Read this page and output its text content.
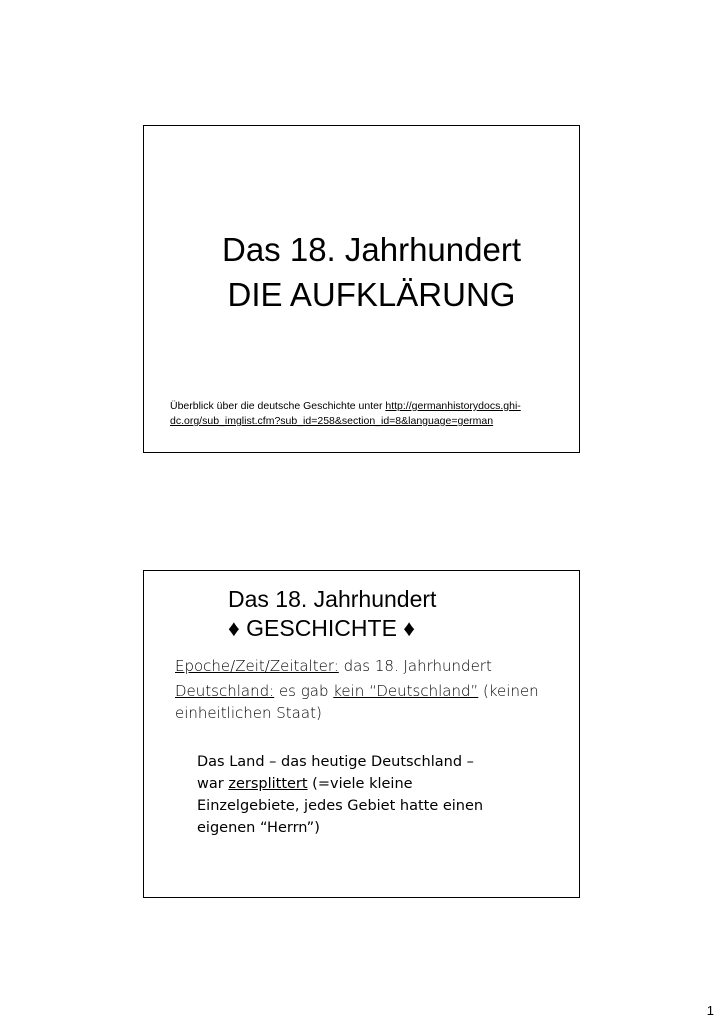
Das 18. Jahrhundert
DIE AUFKLÄRUNG
Überblick über die deutsche Geschichte unter http://germanhistorydocs.ghi-
dc.org/sub_imglist.cfm?sub_id=258&section_id=8&language=german
Das 18. Jahrhundert
♦ GESCHICHTE ♦
Epoche/Zeit/Zeitalter: das 18. Jahrhundert
Deutschland: es gab kein “Deutschland” (keinen
einheitlichen Staat)
Das Land – das heutige Deutschland –
war zersplittert (=viele kleine
Einzelgebiete, jedes Gebiet hatte einen
eigenen “Herrn”)
1
